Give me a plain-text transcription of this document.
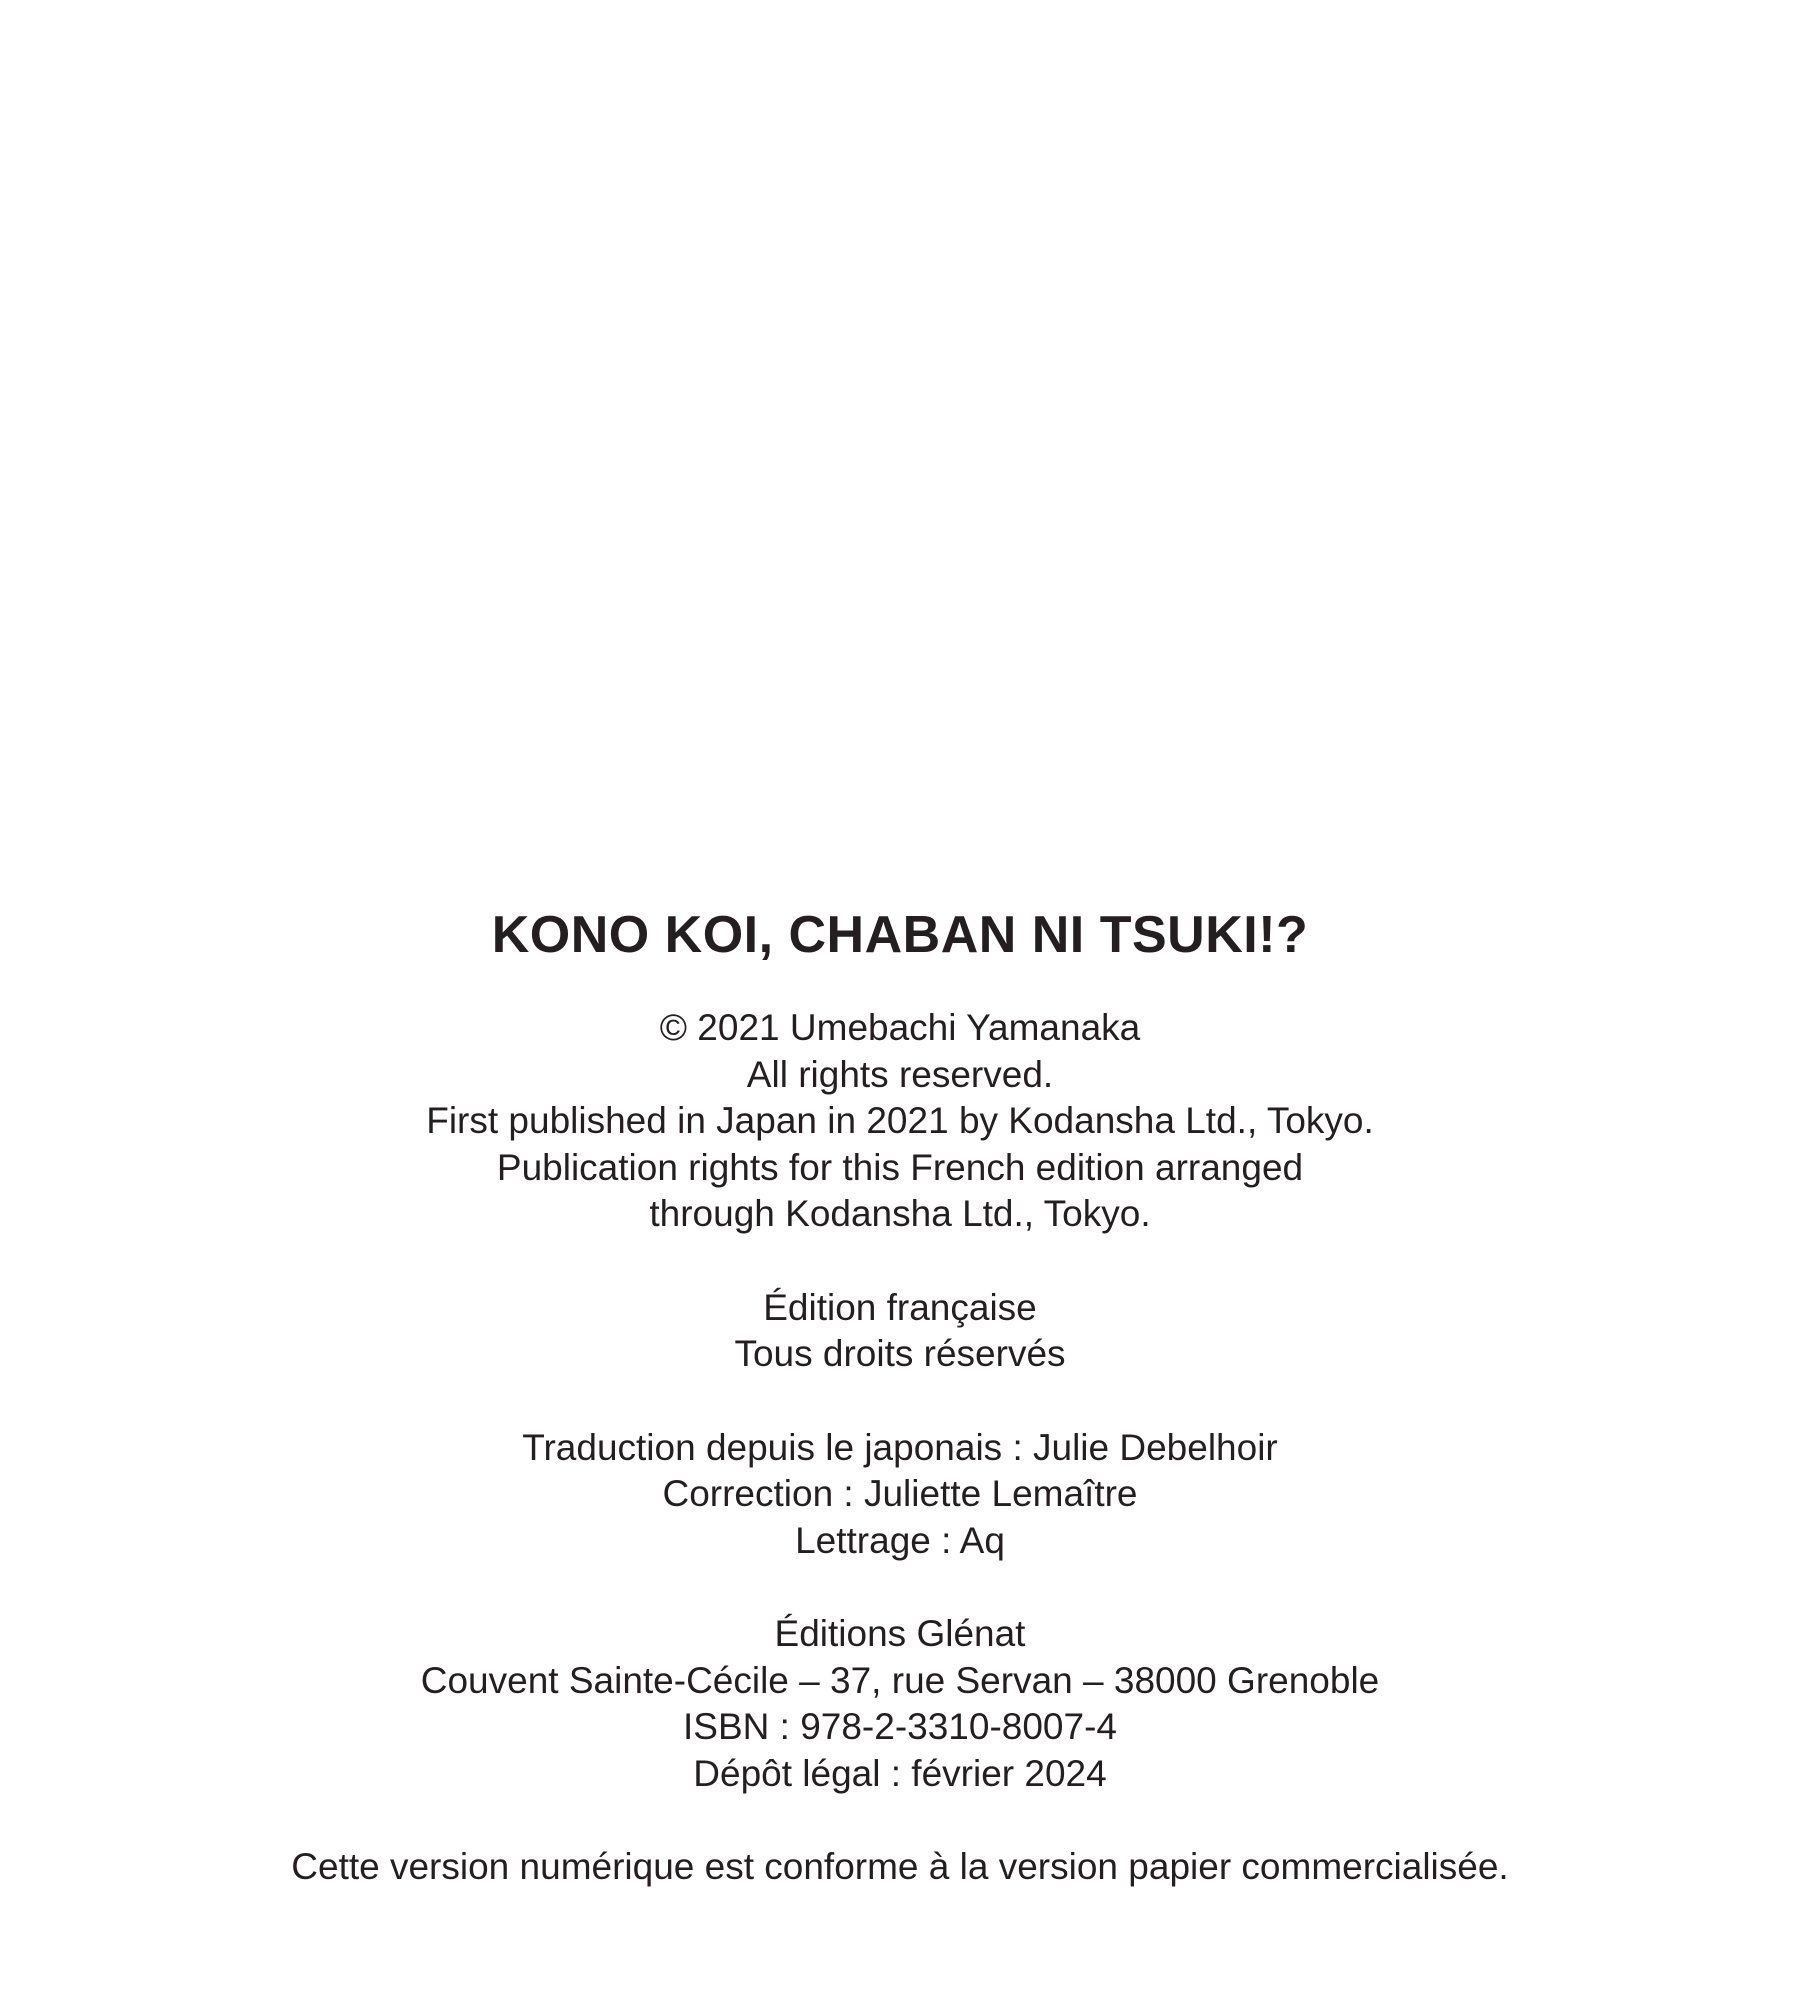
KONO KOI, CHABAN NI TSUKI!?
© 2021 Umebachi Yamanaka
All rights reserved.
First published in Japan in 2021 by Kodansha Ltd., Tokyo.
Publication rights for this French edition arranged
through Kodansha Ltd., Tokyo.
Édition française
Tous droits réservés
Traduction depuis le japonais : Julie Debelhoir
Correction : Juliette Lemaître
Lettrage : Aq
Éditions Glénat
Couvent Sainte-Cécile – 37, rue Servan – 38000 Grenoble
ISBN : 978-2-3310-8007-4
Dépôt légal : février 2024
Cette version numérique est conforme à la version papier commercialisée.
